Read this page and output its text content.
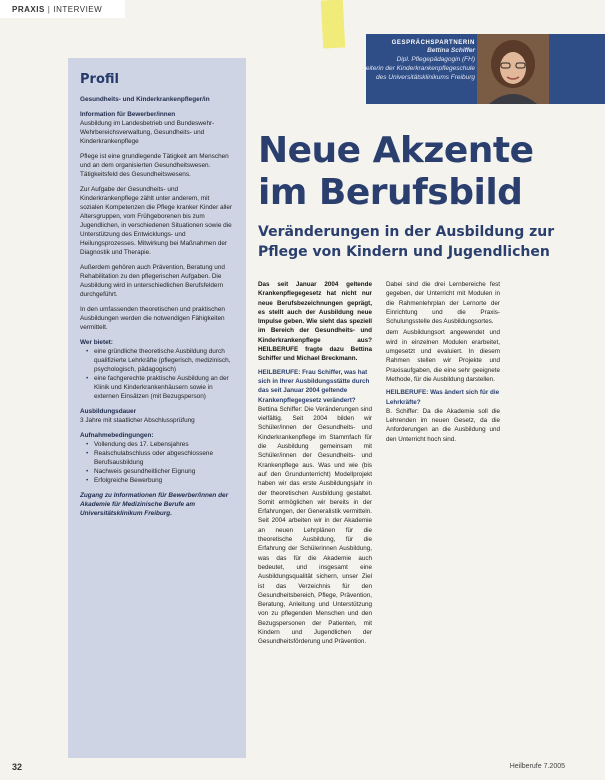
PRAXIS | INTERVIEW
GESPRÄCHSPARTNERIN
Bettina Schiffer
Dipl. Pflegepädagogin (FH)
Leiterin der Kinderkrankenpflegeschule
des Universitätsklinikums Freiburg
Profil
Gesundheits- und Kinderkrankenpfleger/in
Information für Bewerber/innen

Ausbildung im Landesbetrieb und Bundeswehr-Wehrbereichsverwaltung, Gesundheits- und Kinderkrankenpflege

Pflege ist eine grundlegende Tätigkeit am Menschen und an dem organisierten Gesundheitswesen. Tätigkeitsfeld des Gesundheitswesens.

Zur Aufgabe der Gesundheits- und Kinderkrankenpflege zählt unter anderem, mit sozialen Kompetenzen die Pflege kranker Kinder aller Altersgruppen, vom Frühgeborenen bis zum Jugendlichen, in verschiedenen Situationen sowie die Unterstützung des Entwicklungs- und Heilungsprozesses. Mitwirkung bei Maßnahmen der Diagnostik und Therapie.

Außerdem gehören auch Prävention, Beratung und Rehabilitation zu den pflegerischen Aufgaben. Die Ausbildung wird in unterschiedlichen Berufsfeldern durchgeführt.

In den umfassenden theoretischen und praktischen Ausbildungen werden die notwendigen Fähigkeiten vermittelt.

Wer bietet:
• eine gründliche theoretische Ausbildung durch qualifizierte Lehrkräfte (pflegerisch, medizinisch, psychologisch, pädagogisch)
• eine fachgerechte praktische Ausbildung an der Klinik und Kinderkrankenhäusern sowie in externen Einsätzen (mit Bezugsperson)
Ausbildungsdauer

3 Jahre mit staatlicher Abschlussprüfung

Aufnahmebedingungen:
• Vollendung des 17. Lebensjahres
• Realschulabschluss oder abgeschlossene Berufsausbildung
• Nachweis gesundheitlicher Eignung
• Erfolgreiche Bewerbung

Zugang zu Informationen für Bewerber/innen der Akademie für Medizinische Berufe am Universitätsklinikum Freiburg.

Neue Akzente
im Berufsbild
Veränderungen in der Ausbildung zur Pflege von Kindern und Jugendlichen

Das seit Januar 2004 geltende Krankenpflegegesetz hat nicht nur neue Berufsbezeichnungen geprägt, es stellt auch der Ausbildung neue Impulse geben. Wie sieht das speziell im Bereich der Gesundheits- und Kinderkrankenpflege aus? HEILBERUFE fragte dazu Bettina Schiffer und Michael Breckmann.

HEILBERUFE: Frau Schiffer, was hat sich in Ihrer Ausbildungsstätte durch das seit Januar 2004 geltende Krankenpflegegesetz verändert?

Bettina Schiffer: Die Veränderungen sind vielfältig. Seit 2004 bilden wir Schüler/innen der Gesundheits- und Kinderkrankenpflege im Stammfach für die Ausbildung gemeinsam mit Schüler/innen der Gesundheits- und Krankenpflege aus. Was und wie (bis auf den Grundunterricht) Modellprojekt haben wir das erste Ausbildungsjahr in der theoretischen Ausbildung gestaltet. Somit ermöglichen wir bereits in der Erfahrungen, der Generalistik vermitteln. Seit 2004 arbeiten wir in der Akademie an neuen Lehrplänen für die theoretische Ausbildung, für die Erfahrung der Schülerinnen Ausbildung, was das für die Akademie auch bedeutet, und insgesamt eine Ausbildungsqualität sichern, unser Ziel ist das Verzeichnis für den Gesundheitsbereich, Pflege, Prävention, Beratung, Anleitung und Unterstützung von zu pflegenden Menschen und den Bezugspersonen der Patienten, mit Kindern und Jugendlichen der Gesundheitsförderung und Prävention.

Dabei sind die drei Lernbereiche fest gegeben, der Unterricht mit Modulen in die Rahmenlehrplan der Lernorte der Einrichtung und die Praxis-Schulungsstelle des Ausbildungsortes.

dem Ausbildungsort angewendet und wird in einzelnen Modulen erarbeitet, umgesetzt und evaluiert. In diesem Rahmen stellen wir Projekte und Praxisaufgaben, die eine sehr geeignete Methode, für die Ausbildung darstellen.

HEILBERUFE: Was ändert sich für die Lehrkräfte?

B. Schiffer: Da die Akademie soll die Lehrenden im neuen Gesetz, da die Anforderungen an die Ausbildung und den Unterricht hoch sind.

32	Heilberufe 7.2005
